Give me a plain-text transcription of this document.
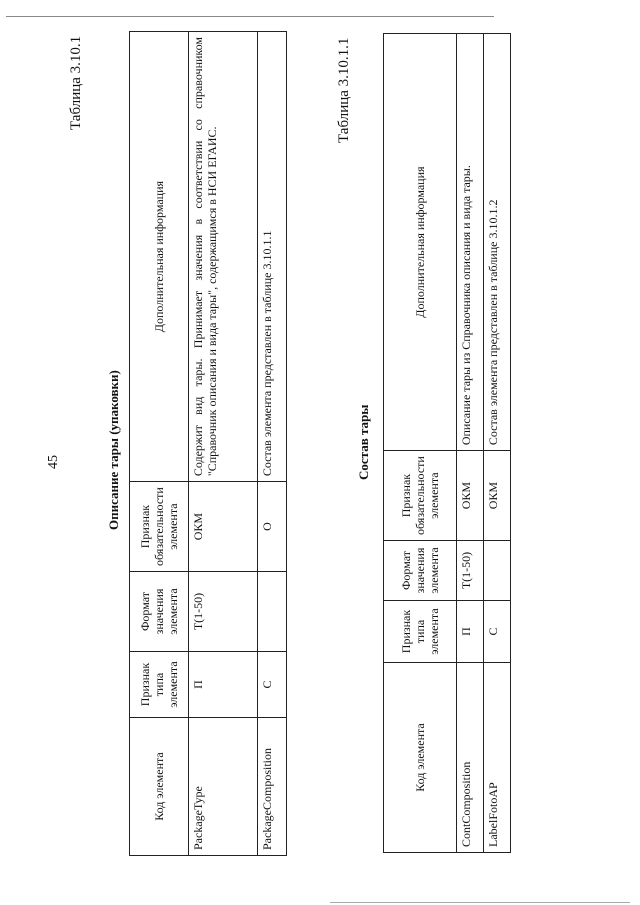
45
Таблица 3.10.1
Описание тары (упаковки)
Код элемента	Признак типа элемента	Формат значения элемента	Признак обязательности элемента	Дополнительная информация
PackageType	П	T(1-50)	ОКМ	Содержит вид тары. Принимает значения в соответствии со справочником "Справочник описания и вида тары", содержащимся в НСИ ЕГАИС.
PackageComposition	С		О	Состав элемента представлен в таблице 3.10.1.1
Таблица 3.10.1.1
Состав тары
Код элемента	Признак типа элемента	Формат значения элемента	Признак обязательности элемента	Дополнительная информация
ContComposition	П	T(1-50)	ОКМ	Описание тары из Справочника описания и вида тары.
LabelFotoAP	С		ОКМ	Состав элемента представлен в таблице 3.10.1.2
